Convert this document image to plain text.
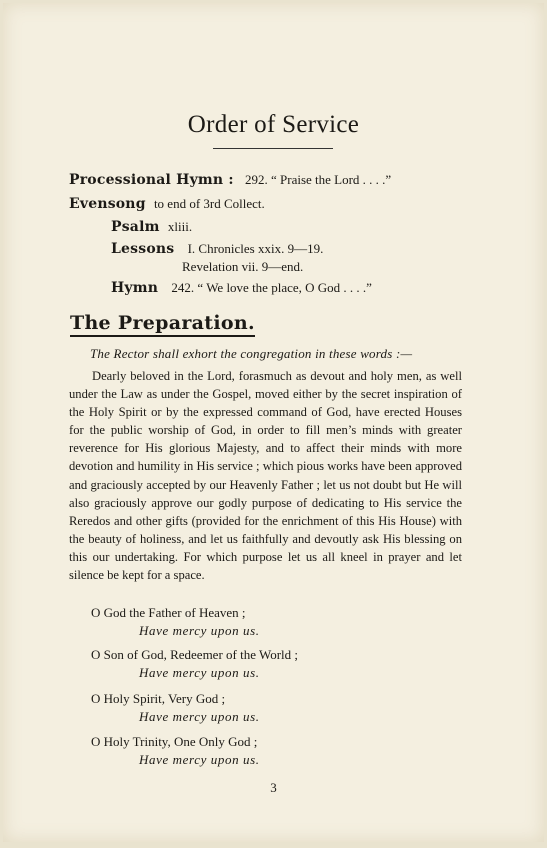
Order of Service
Processional Hymn : 292. “ Praise the Lord . . . .”
Evensong to end of 3rd Collect.
Psalm xliii.
Lessons I. Chronicles xxix. 9—19.
Revelation vii. 9—end.
Hymn 242. “ We love the place, O God . . . .”
The Preparation.
The Rector shall exhort the congregation in these words :—
Dearly beloved in the Lord, forasmuch as devout and holy men, as well under the Law as under the Gospel, moved either by the secret inspiration of the Holy Spirit or by the expressed command of God, have erected Houses for the public worship of God, in order to fill men’s minds with greater reverence for His glorious Majesty, and to affect their minds with more devotion and humility in His service ; which pious works have been approved and graciously accepted by our Heavenly Father ; let us not doubt but He will also graciously approve our godly purpose of dedicating to His service the Reredos and other gifts (provided for the enrichment of this His House) with the beauty of holiness, and let us faithfully and devoutly ask His blessing on this our undertaking. For which purpose let us all kneel in prayer and let silence be kept for a space.
O God the Father of Heaven ;
Have mercy upon us.
O Son of God, Redeemer of the World ;
Have mercy upon us.
O Holy Spirit, Very God ;
Have mercy upon us.
O Holy Trinity, One Only God ;
Have mercy upon us.
3
